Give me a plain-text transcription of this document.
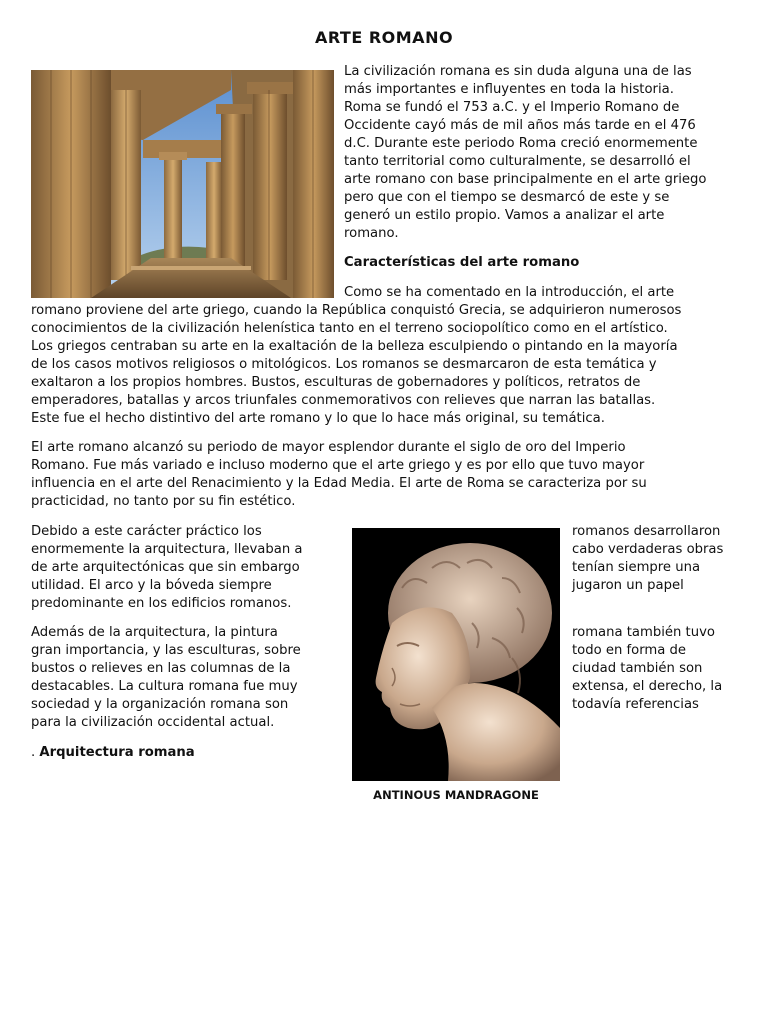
ARTE ROMANO
La civilización romana es sin duda alguna una de las
más importantes e influyentes en toda la historia.
Roma se fundó el 753 a.C. y el Imperio Romano de
Occidente cayó más de mil años más tarde en el 476
d.C. Durante este periodo Roma creció enormemente
tanto territorial como culturalmente, se desarrolló el
arte romano con base principalmente en el arte griego
pero que con el tiempo se desmarcó de este y se
generó un estilo propio. Vamos a analizar el arte
romano.
Características del arte romano
Como se ha comentado en la introducción, el arte
romano proviene del arte griego, cuando la República conquistó Grecia, se adquirieron numerosos
conocimientos de la civilización helenística tanto en el terreno sociopolítico como en el artístico.
Los griegos centraban su arte en la exaltación de la belleza esculpiendo o pintando en la mayoría
de los casos motivos religiosos o mitológicos. Los romanos se desmarcaron de esta temática y
exaltaron a los propios hombres. Bustos, esculturas de gobernadores y políticos, retratos de
emperadores, batallas y arcos triunfales conmemorativos con relieves que narran las batallas.
Este fue el hecho distintivo del arte romano y lo que lo hace más original, su temática.
El arte romano alcanzó su periodo de mayor esplendor durante el siglo de oro del Imperio
Romano. Fue más variado e incluso moderno que el arte griego y es por ello que tuvo mayor
influencia en el arte del Renacimiento y la Edad Media. El arte de Roma se caracteriza por su
practicidad, no tanto por su fin estético.
Debido a este carácter práctico los
enormemente la arquitectura, llevaban a
de arte arquitectónicas que sin embargo
utilidad. El arco y la bóveda siempre
predominante en los edificios romanos.
romanos desarrollaron
cabo verdaderas obras
tenían siempre una
jugaron un papel
Además de la arquitectura, la pintura
gran importancia, y las esculturas, sobre
bustos o relieves en las columnas de la
destacables. La cultura romana fue muy
sociedad y la organización romana son
para la civilización occidental actual.
romana también tuvo
todo en forma de
ciudad también son
extensa, el derecho, la
todavía referencias
. Arquitectura romana
ANTINOUS MANDRAGONE
